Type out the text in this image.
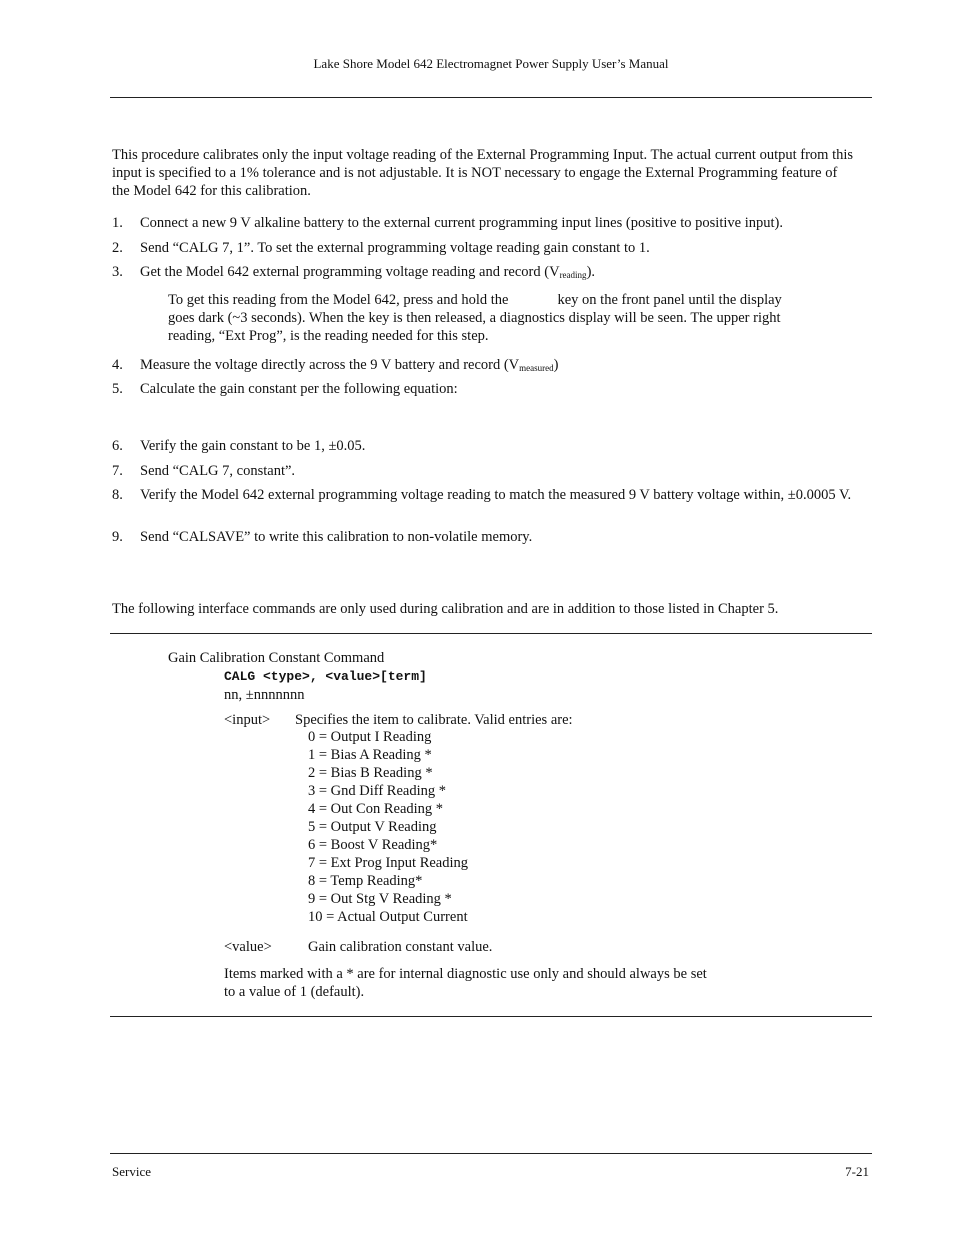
Lake Shore Model 642 Electromagnet Power Supply User’s Manual
This procedure calibrates only the input voltage reading of the External Programming Input. The actual current output from this input is specified to a 1% tolerance and is not adjustable. It is NOT necessary to engage the External Programming feature of the Model 642 for this calibration.
1. Connect a new 9 V alkaline battery to the external current programming input lines (positive to positive input).
2. Send “CALG 7, 1”. To set the external programming voltage reading gain constant to 1.
3. Get the Model 642 external programming voltage reading and record $(V_{reading})$.
To get this reading from the Model 642, press and hold the	key on the front panel until the display
goes dark (~3 seconds). When the key is then released, a diagnostics display will be seen. The upper right
reading, “Ext Prog”, is the reading needed for this step.
4. Measure the voltage directly across the 9 V battery and record $(V_{measured})$
5. Calculate the gain constant per the following equation:
6. Verify the gain constant to be 1, ±0.05.
7. Send “CALG 7, constant”.
8. Verify the Model 642 external programming voltage reading to match the measured 9 V battery voltage within, ±0.0005 V.
9. Send “CALSAVE” to write this calibration to non-volatile memory.
The following interface commands are only used during calibration and are in addition to those listed in Chapter 5.
Gain Calibration Constant Command
CALG <type>, <value>[term]
nn, ±nnnnnnn
<input> Specifies the item to calibrate. Valid entries are:
0 = Output I Reading
1 = Bias A Reading *
2 = Bias B Reading *
3 = Gnd Diff Reading *
4 = Out Con Reading *
5 = Output V Reading
6 = Boost V Reading*
7 = Ext Prog Input Reading
8 = Temp Reading*
9 = Out Stg V Reading *
10 = Actual Output Current
<value> Gain calibration constant value.
Items marked with a * are for internal diagnostic use only and should always be set
to a value of 1 (default).
Service	7-21
